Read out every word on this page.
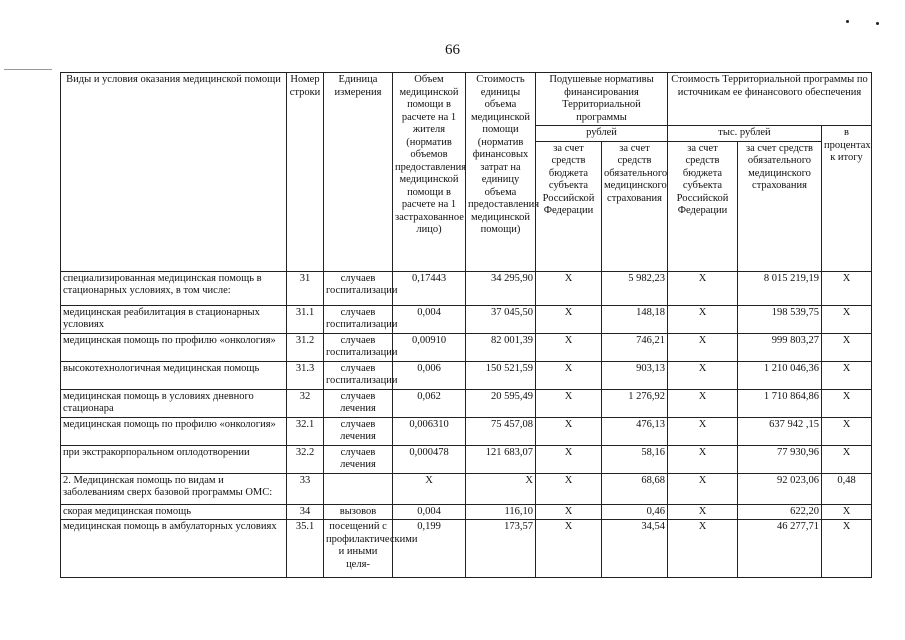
66
Виды и условия оказания медицинской помощи	Номер строки	Единица измерения	Объем медицинской помощи в расчете на 1 жителя (норматив объемов предоставления медицинской помощи в расчете на 1 застрахованное лицо)	Стоимость единицы объема медицинской помощи (норматив финансовых затрат на единицу объема предоставления медицинской помощи)	Подушевые нормативы финансирования Территориальной программы		Стоимость Территориальной программы по источникам ее финансового обеспечения		
					рублей		тыс. рублей		в процентах к итогу
					за счет средств бюджета субъекта Российской Федерации	за счет средств обязательного медицинского страхования	за счет средств бюджета субъекта Российской Федерации	за счет средств обязательного медицинского страхования	
специализированная медицинская помощь в стационарных условиях, в том числе:	31	случаев госпитализации	0,17443	34 295,90	X	5 982,23	X	8 015 219,19	X
медицинская реабилитация в стационарных условиях	31.1	случаев госпитализации	0,004	37 045,50	X	148,18	X	198 539,75	X
медицинская помощь по профилю «онкология»	31.2	случаев госпитализации	0,00910	82 001,39	X	746,21	X	999 803,27	X
высокотехнологичная медицинская помощь	31.3	случаев госпитализации	0,006	150 521,59	X	903,13	X	1 210 046,36	X
медицинская помощь в условиях дневного стационара	32	случаев лечения	0,062	20 595,49	X	1 276,92	X	1 710 864,86	X
медицинская помощь по профилю «онкология»	32.1	случаев лечения	0,006310	75 457,08	X	476,13	X	637 942 ,15	X
при экстракорпоральном оплодотворении	32.2	случаев лечения	0,000478	121 683,07	X	58,16	X	77 930,96	X
2. Медицинская помощь по видам и заболеваниям сверх базовой программы ОМС:	33		X	X	X	68,68	X	92 023,06	0,48
скорая медицинская помощь	34	вызовов	0,004	116,10	X	0,46	X	622,20	X
медицинская помощь в амбулаторных условиях	35.1	посещений с профилактическими и иными целя-	0,199	173,57	X	34,54	X	46 277,71	X
